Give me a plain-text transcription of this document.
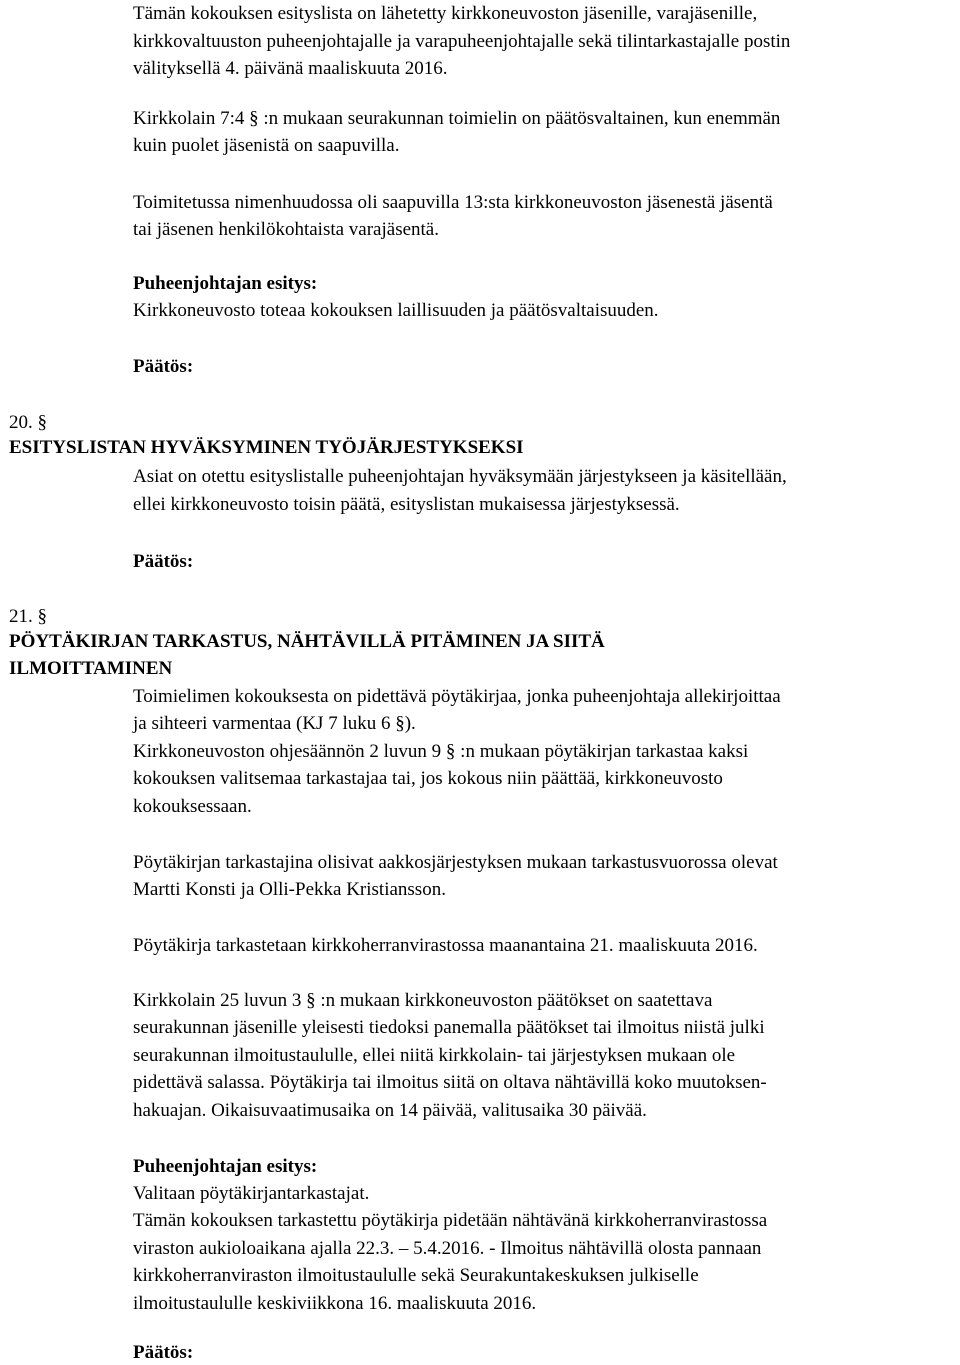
Tämän kokouksen esityslista on lähetetty kirkkoneuvoston jäsenille, varajäsenille,
kirkkovaltuuston puheenjohtajalle ja varapuheenjohtajalle sekä tilintarkastajalle postin
välityksellä 4. päivänä maaliskuuta 2016.
Kirkkolain 7:4 § :n mukaan seurakunnan toimielin on päätösvaltainen, kun enemmän
kuin puolet jäsenistä on saapuvilla.
Toimitetussa nimenhuudossa oli saapuvilla 13:sta kirkkoneuvoston jäsenestä jäsentä
tai jäsenen henkilökohtaista varajäsentä.
Puheenjohtajan esitys:
Kirkkoneuvosto toteaa kokouksen laillisuuden ja päätösvaltaisuuden.
Päätös:
20. §
ESITYSLISTAN HYVÄKSYMINEN TYÖJÄRJESTYKSEKSI
Asiat on otettu esityslistalle puheenjohtajan hyväksymään järjestykseen ja käsitellään,
ellei kirkkoneuvosto toisin päätä, esityslistan mukaisessa järjestyksessä.
Päätös:
21. §
PÖYTÄKIRJAN TARKASTUS, NÄHTÄVILLÄ PITÄMINEN JA SIITÄ
ILMOITTAMINEN
Toimielimen kokouksesta on pidettävä pöytäkirjaa, jonka puheenjohtaja allekirjoittaa
ja sihteeri varmentaa (KJ 7 luku 6 §).
Kirkkoneuvoston ohjesäännön 2 luvun 9 § :n mukaan pöytäkirjan tarkastaa kaksi
kokouksen valitsemaa tarkastajaa tai, jos kokous niin päättää, kirkkoneuvosto
kokouksessaan.
Pöytäkirjan tarkastajina olisivat aakkosjärjestyksen mukaan tarkastusvuorossa olevat
Martti Konsti ja Olli-Pekka Kristiansson.
Pöytäkirja tarkastetaan kirkkoherranvirastossa maanantaina 21. maaliskuuta 2016.
Kirkkolain 25 luvun 3 § :n mukaan kirkkoneuvoston päätökset on saatettava
seurakunnan jäsenille yleisesti tiedoksi panemalla päätökset tai ilmoitus niistä julki
seurakunnan ilmoitustaululle, ellei niitä kirkkolain- tai järjestyksen mukaan ole
pidettävä salassa. Pöytäkirja tai ilmoitus siitä on oltava nähtävillä koko muutoksen-
hakuajan. Oikaisuvaatimusaika on 14 päivää, valitusaika 30 päivää.
Puheenjohtajan esitys:
Valitaan pöytäkirjantarkastajat.
Tämän kokouksen tarkastettu pöytäkirja pidetään nähtävänä kirkkoherranvirastossa
viraston aukioloaikana ajalla 22.3. – 5.4.2016. - Ilmoitus nähtävillä olosta pannaan
kirkkoherranviraston ilmoitustaululle sekä Seurakuntakeskuksen julkiselle
ilmoitustaululle keskiviikkona 16. maaliskuuta 2016.
Päätös:
